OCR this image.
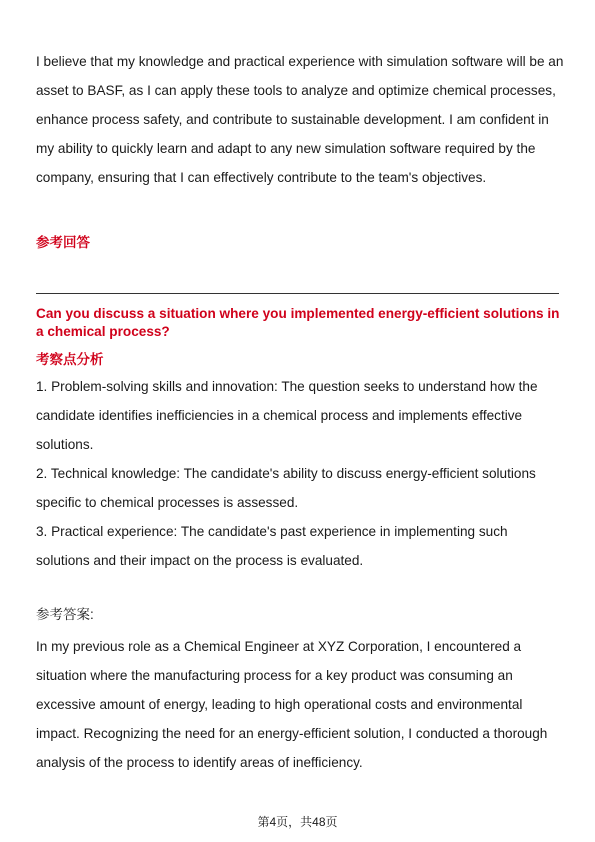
I believe that my knowledge and practical experience with simulation software will be an asset to BASF, as I can apply these tools to analyze and optimize chemical processes, enhance process safety, and contribute to sustainable development. I am confident in my ability to quickly learn and adapt to any new simulation software required by the company, ensuring that I can effectively contribute to the team's objectives.

参考回答
Can you discuss a situation where you implemented energy-efficient solutions in a chemical process?
考察点分析

1. Problem-solving skills and innovation: The question seeks to understand how the candidate identifies inefficiencies in a chemical process and implements effective solutions.

2. Technical knowledge: The candidate's ability to discuss energy-efficient solutions specific to chemical processes is assessed.

3. Practical experience: The candidate's past experience in implementing such solutions and their impact on the process is evaluated.

参考答案:

In my previous role as a Chemical Engineer at XYZ Corporation, I encountered a situation where the manufacturing process for a key product was consuming an excessive amount of energy, leading to high operational costs and environmental impact. Recognizing the need for an energy-efficient solution, I conducted a thorough analysis of the process to identify areas of inefficiency.

第4页，共48页
